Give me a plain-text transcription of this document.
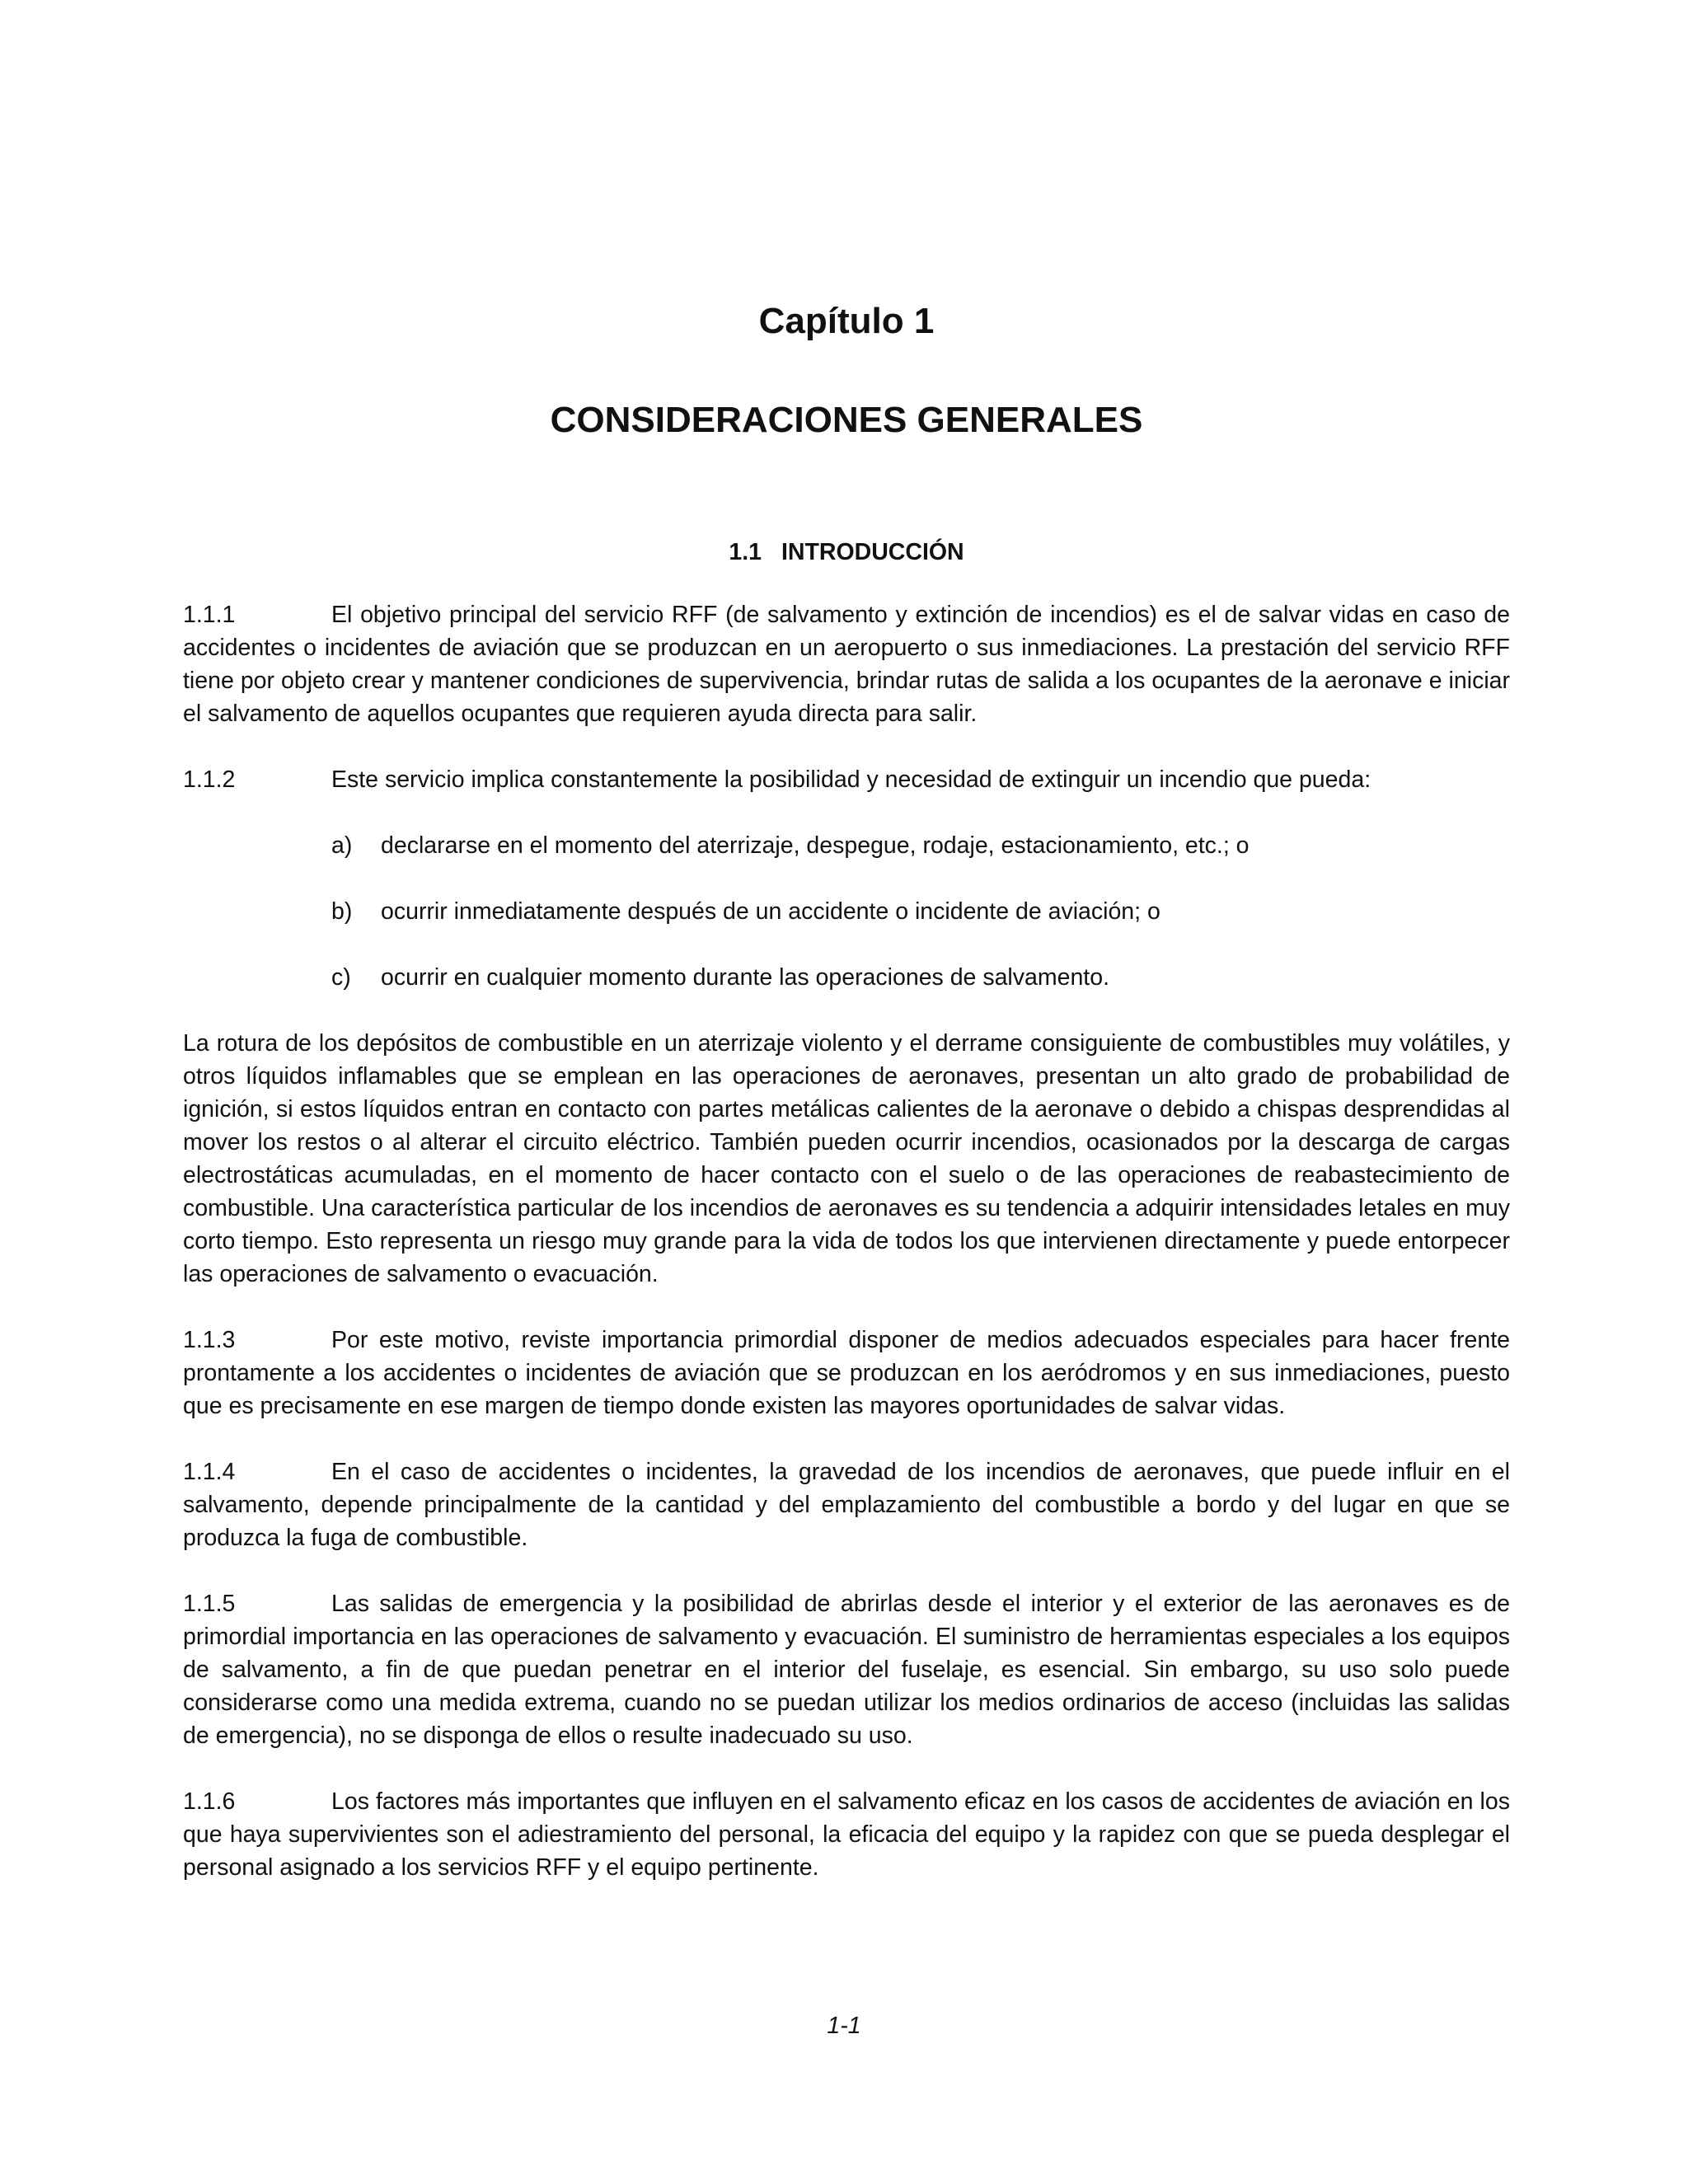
Capítulo 1
CONSIDERACIONES GENERALES
1.1 INTRODUCCIÓN

1.1.1	El objetivo principal del servicio RFF (de salvamento y extinción de incendios) es el de salvar vidas en caso de accidentes o incidentes de aviación que se produzcan en un aeropuerto o sus inmediaciones. La prestación del servicio RFF tiene por objeto crear y mantener condiciones de supervivencia, brindar rutas de salida a los ocupantes de la aeronave e iniciar el salvamento de aquellos ocupantes que requieren ayuda directa para salir.

1.1.2	Este servicio implica constantemente la posibilidad y necesidad de extinguir un incendio que pueda:

a) declararse en el momento del aterrizaje, despegue, rodaje, estacionamiento, etc.; o
b) ocurrir inmediatamente después de un accidente o incidente de aviación; o
c) ocurrir en cualquier momento durante las operaciones de salvamento.

La rotura de los depósitos de combustible en un aterrizaje violento y el derrame consiguiente de combustibles muy volátiles, y otros líquidos inflamables que se emplean en las operaciones de aeronaves, presentan un alto grado de probabilidad de ignición, si estos líquidos entran en contacto con partes metálicas calientes de la aeronave o debido a chispas desprendidas al mover los restos o al alterar el circuito eléctrico. También pueden ocurrir incendios, ocasionados por la descarga de cargas electrostáticas acumuladas, en el momento de hacer contacto con el suelo o de las operaciones de reabastecimiento de combustible. Una característica particular de los incendios de aeronaves es su tendencia a adquirir intensidades letales en muy corto tiempo. Esto representa un riesgo muy grande para la vida de todos los que intervienen directamente y puede entorpecer las operaciones de salvamento o evacuación.

1.1.3	Por este motivo, reviste importancia primordial disponer de medios adecuados especiales para hacer frente prontamente a los accidentes o incidentes de aviación que se produzcan en los aeródromos y en sus inmediaciones, puesto que es precisamente en ese margen de tiempo donde existen las mayores oportunidades de salvar vidas.

1.1.4	En el caso de accidentes o incidentes, la gravedad de los incendios de aeronaves, que puede influir en el salvamento, depende principalmente de la cantidad y del emplazamiento del combustible a bordo y del lugar en que se produzca la fuga de combustible.

1.1.5	Las salidas de emergencia y la posibilidad de abrirlas desde el interior y el exterior de las aeronaves es de primordial importancia en las operaciones de salvamento y evacuación. El suministro de herramientas especiales a los equipos de salvamento, a fin de que puedan penetrar en el interior del fuselaje, es esencial. Sin embargo, su uso solo puede considerarse como una medida extrema, cuando no se puedan utilizar los medios ordinarios de acceso (incluidas las salidas de emergencia), no se disponga de ellos o resulte inadecuado su uso.

1.1.6	Los factores más importantes que influyen en el salvamento eficaz en los casos de accidentes de aviación en los que haya supervivientes son el adiestramiento del personal, la eficacia del equipo y la rapidez con que se pueda desplegar el personal asignado a los servicios RFF y el equipo pertinente.

1-1
